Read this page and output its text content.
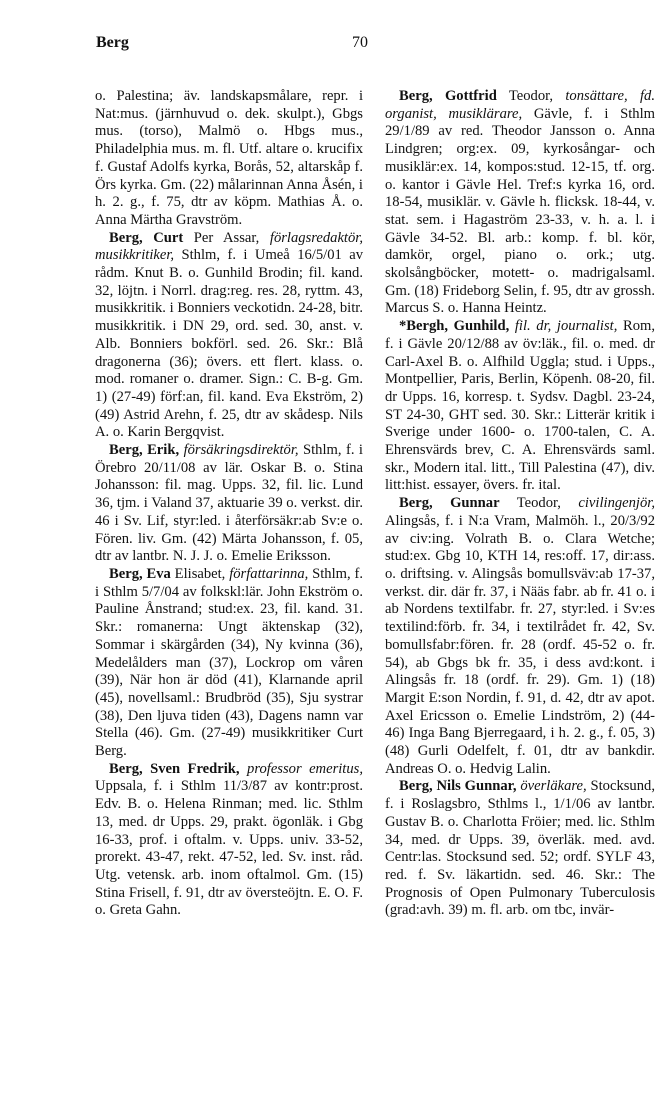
Berg	70

o. Palestina; äv. landskapsmålare, repr. i Nat:mus. (järnhuvud o. dek. skulpt.), Gbgs mus. (torso), Malmö o. Hbgs mus., Philadelphia mus. m. fl. Utf. altare o. krucifix f. Gustaf Adolfs kyrka, Borås, 52, altarskåp f. Örs kyrka. Gm. (22) målarinnan Anna Åsén, i h. 2. g., f. 75, dtr av köpm. Mathias Å. o. Anna Märtha Gravström.

Berg, Curt Per Assar, förlagsredaktör, musikkritiker, Sthlm, f. i Umeå 16/5/01 av rådm. Knut B. o. Gunhild Brodin; fil. kand. 32, löjtn. i Norrl. drag:reg. res. 28, ryttm. 43, musikkritik. i Bonniers veckotidn. 24-28, bitr. musikkritik. i DN 29, ord. sed. 30, anst. v. Alb. Bonniers bokförl. sed. 26. Skr.: Blå dragonerna (36); övers. ett flert. klass. o. mod. romaner o. dramer. Sign.: C. B-g. Gm. 1) (27-49) förf:an, fil. kand. Eva Ekström, 2) (49) Astrid Arehn, f. 25, dtr av skådesp. Nils A. o. Karin Bergqvist.

Berg, Erik, försäkringsdirektör, Sthlm, f. i Örebro 20/11/08 av lär. Oskar B. o. Stina Johansson: fil. mag. Upps. 32, fil. lic. Lund 36, tjm. i Valand 37, aktuarie 39 o. verkst. dir. 46 i Sv. Lif, styr:led. i återförsäkr:ab Sv:e o. Fören. liv. Gm. (42) Märta Johansson, f. 05, dtr av lantbr. N. J. J. o. Emelie Eriksson.

Berg, Eva Elisabet, författarinna, Sthlm, f. i Sthlm 5/7/04 av folkskl:lär. John Ekström o. Pauline Ånstrand; stud:ex. 23, fil. kand. 31. Skr.: romanerna: Ungt äktenskap (32), Sommar i skärgården (34), Ny kvinna (36), Medelålders man (37), Lockrop om våren (39), När hon är död (41), Klarnande april (45), novellsaml.: Brudbröd (35), Sju systrar (38), Den ljuva tiden (43), Dagens namn var Stella (46). Gm. (27-49) musikkritiker Curt Berg.

Berg, Sven Fredrik, professor emeritus, Uppsala, f. i Sthlm 11/3/87 av kontr:prost. Edv. B. o. Helena Rinman; med. lic. Sthlm 13, med. dr Upps. 29, prakt. ögonläk. i Gbg 16-33, prof. i oftalm. v. Upps. univ. 33-52, prorekt. 43-47, rekt. 47-52, led. Sv. inst. råd. Utg. vetensk. arb. inom oftalmol. Gm. (15) Stina Frisell, f. 91, dtr av översteöjtn. E. O. F. o. Greta Gahn.

Berg, Gottfrid Teodor, tonsättare, fd. organist, musiklärare, Gävle, f. i Sthlm 29/1/89 av red. Theodor Jansson o. Anna Lindgren; org:ex. 09, kyrkosångar- och musiklär:ex. 14, kompos:stud. 12-15, tf. org. o. kantor i Gävle Hel. Tref:s kyrka 16, ord. 18-54, musiklär. v. Gävle h. flicksk. 18-44, v. stat. sem. i Hagaström 23-33, v. h. a. l. i Gävle 34-52. Bl. arb.: komp. f. bl. kör, damkör, orgel, piano o. ork.; utg. skolsångböcker, motett- o. madrigalsaml. Gm. (18) Frideborg Selin, f. 95, dtr av grossh. Marcus S. o. Hanna Heintz.

*Bergh, Gunhild, fil. dr, journalist, Rom, f. i Gävle 20/12/88 av öv:läk., fil. o. med. dr Carl-Axel B. o. Alfhild Uggla; stud. i Upps., Montpellier, Paris, Berlin, Köpenh. 08-20, fil. dr Upps. 16, korresp. t. Sydsv. Dagbl. 23-24, ST 24-30, GHT sed. 30. Skr.: Litterär kritik i Sverige under 1600- o. 1700-talen, C. A. Ehrensvärds brev, C. A. Ehrensvärds saml. skr., Modern ital. litt., Till Palestina (47), div. litt:hist. essayer, övers. fr. ital.

Berg, Gunnar Teodor, civilingenjör, Alingsås, f. i N:a Vram, Malmöh. l., 20/3/92 av civ:ing. Volrath B. o. Clara Wetche; stud:ex. Gbg 10, KTH 14, res:off. 17, dir:ass. o. driftsing. v. Alingsås bomullsväv:ab 17-37, verkst. dir. där fr. 37, i Nääs fabr. ab fr. 41 o. i ab Nordens textilfabr. fr. 27, styr:led. i Sv:es textilind:förb. fr. 34, i textilrådet fr. 42, Sv. bomullsfabr:fören. fr. 28 (ordf. 45-52 o. fr. 54), ab Gbgs bk fr. 35, i dess avd:kont. i Alingsås fr. 18 (ordf. fr. 29). Gm. 1) (18) Margit E:son Nordin, f. 91, d. 42, dtr av apot. Axel Ericsson o. Emelie Lindström, 2) (44-46) Inga Bang Bjerregaard, i h. 2. g., f. 05, 3) (48) Gurli Odelfelt, f. 01, dtr av bankdir. Andreas O. o. Hedvig Lalin.

Berg, Nils Gunnar, överläkare, Stocksund, f. i Roslagsbro, Sthlms l., 1/1/06 av lantbr. Gustav B. o. Charlotta Fröier; med. lic. Sthlm 34, med. dr Upps. 39, överläk. med. avd. Centr:las. Stocksund sed. 52; ordf. SYLF 43, red. f. Sv. läkartidn. sed. 46. Skr.: The Prognosis of Open Pulmonary Tuberculosis (grad:avh. 39) m. fl. arb. om tbc, invär-
